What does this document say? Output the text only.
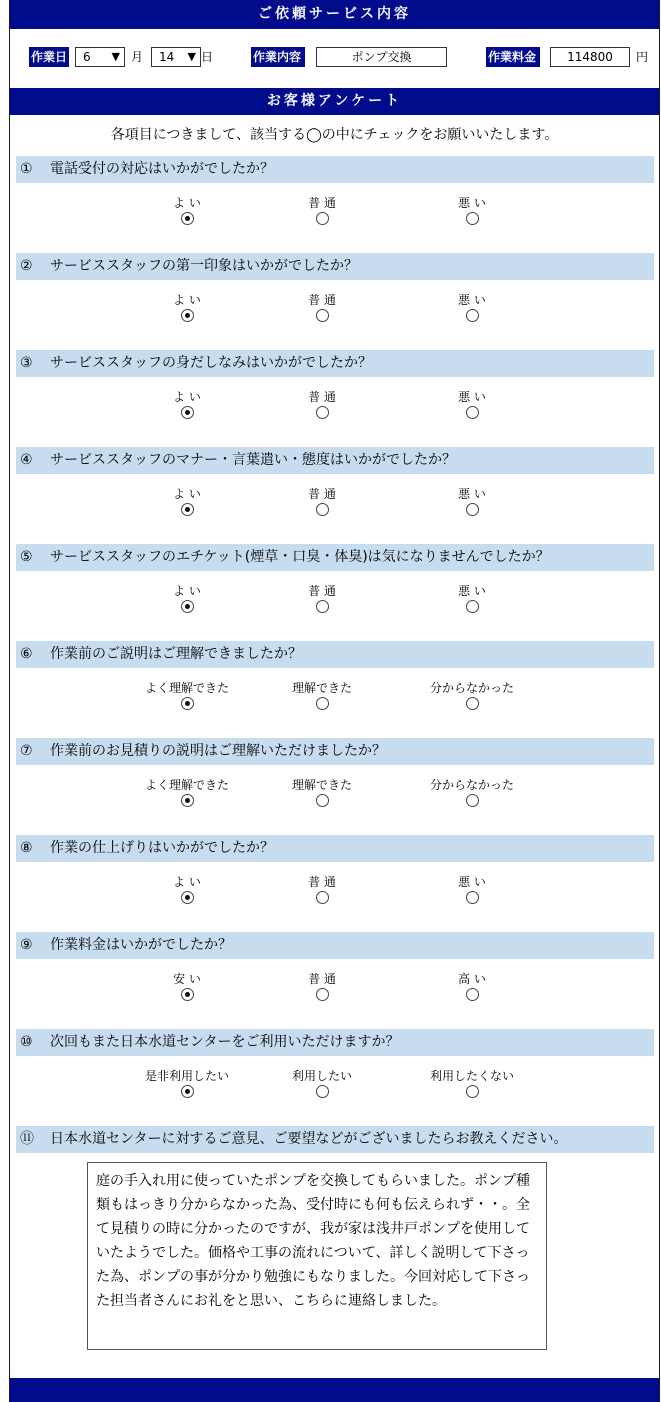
ご依頼サービス内容
作業日 6 ▼ 月 14 ▼ 日	作業内容	ポンプ交換	作業料金	114800	円
お客様アンケート
各項目につきまして、該当する◯の中にチェックをお願いいたします。
① 電話受付の対応はいかがでしたか？
よ い	普 通	悪 い
② サービススタッフの第一印象はいかがでしたか？
よ い	普 通	悪 い
③ サービススタッフの身だしなみはいかがでしたか？
よ い	普 通	悪 い
④ サービススタッフのマナー・言葉遣い・態度はいかがでしたか？
よ い	普 通	悪 い
⑤ サービススタッフのエチケット(煙草・口臭・体臭)は気になりませんでしたか？
よ い	普 通	悪 い
⑥ 作業前のご説明はご理解できましたか？
よく理解できた	理解できた	分からなかった
⑦ 作業前のお見積りの説明はご理解いただけましたか？
よく理解できた	理解できた	分からなかった
⑧ 作業の仕上げりはいかがでしたか？
よ い	普 通	悪 い
⑨ 作業料金はいかがでしたか？
安 い	普 通	高 い
⑩ 次回もまた日本水道センターをご利用いただけますか？
是非利用したい	利用したい	利用したくない
⑪ 日本水道センターに対するご意見、ご要望などがございましたらお教えください。
庭の手入れ用に使っていたポンプを交換してもらいました。ポンプ種類もはっきり分からなかった為、受付時にも何も伝えられず・・。全て見積りの時に分かったのですが、我が家は浅井戸ポンプを使用していたようでした。価格や工事の流れについて、詳しく説明して下さった為、ポンプの事が分かり勉強にもなりました。今回対応して下さった担当者さんにお礼をと思い、こちらに連絡しました。
